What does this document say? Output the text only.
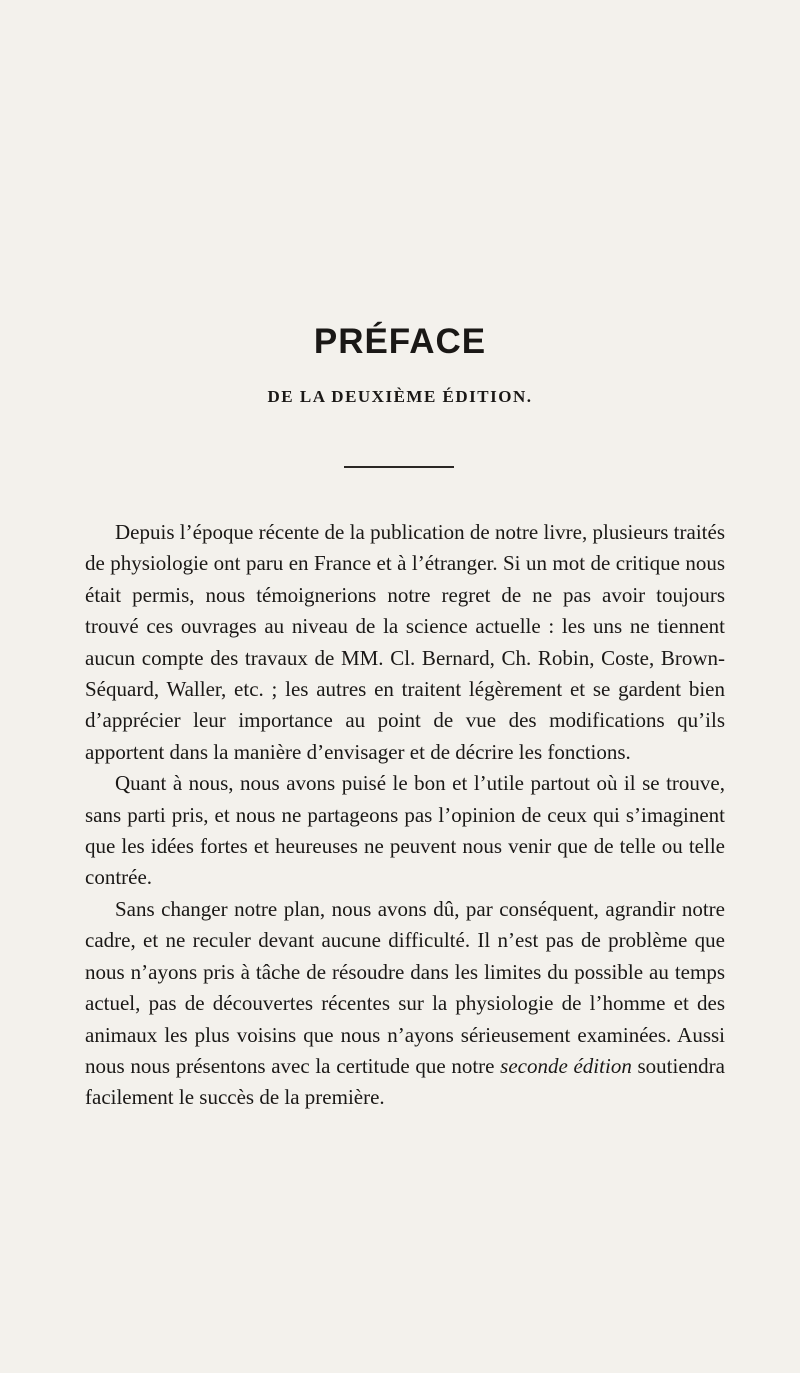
PRÉFACE
DE LA DEUXIÈME ÉDITION.

Depuis l’époque récente de la publication de notre livre, plusieurs traités de physiologie ont paru en France et à l’étranger. Si un mot de critique nous était permis, nous témoignerions notre regret de ne pas avoir toujours trouvé ces ouvrages au niveau de la science actuelle : les uns ne tiennent aucun compte des travaux de MM. Cl. Bernard, Ch. Robin, Coste, Brown-Séquard, Waller, etc. ; les autres en traitent légèrement et se gardent bien d’apprécier leur importance au point de vue des modifications qu’ils apportent dans la manière d’envisager et de décrire les fonctions.

Quant à nous, nous avons puisé le bon et l’utile partout où il se trouve, sans parti pris, et nous ne partageons pas l’opinion de ceux qui s’imaginent que les idées fortes et heureuses ne peuvent nous venir que de telle ou telle contrée.

Sans changer notre plan, nous avons dû, par conséquent, agrandir notre cadre, et ne reculer devant aucune difficulté. Il n’est pas de problème que nous n’ayons pris à tâche de résoudre dans les limites du possible au temps actuel, pas de découvertes récentes sur la physiologie de l’homme et des animaux les plus voisins que nous n’ayons sérieusement examinées. Aussi nous nous présentons avec la certitude que notre seconde édition soutiendra facilement le succès de la première.
